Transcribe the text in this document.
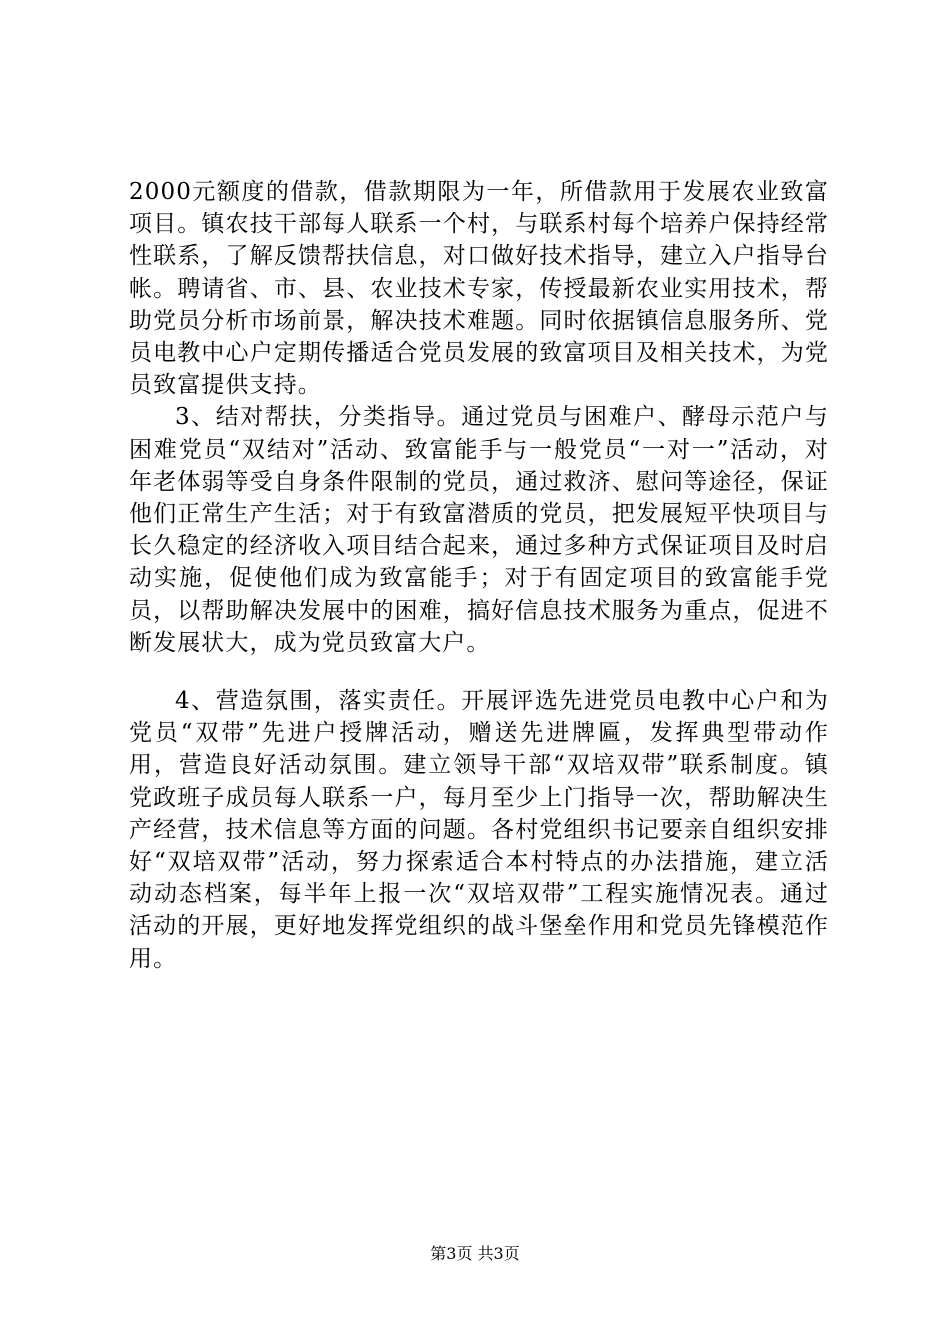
2000元额度的借款，借款期限为一年，所借款用于发展农业致富项目。镇农技干部每人联系一个村，与联系村每个培养户保持经常性联系，了解反馈帮扶信息，对口做好技术指导，建立入户指导台帐。聘请省、市、县、农业技术专家，传授最新农业实用技术，帮助党员分析市场前景，解决技术难题。同时依据镇信息服务所、党员电教中心户定期传播适合党员发展的致富项目及相关技术，为党员致富提供支持。

3、结对帮扶，分类指导。通过党员与困难户、酵母示范户与困难党员“双结对”活动、致富能手与一般党员“一对一”活动，对年老体弱等受自身条件限制的党员，通过救济、慰问等途径，保证他们正常生产生活；对于有致富潜质的党员，把发展短平快项目与长久稳定的经济收入项目结合起来，通过多种方式保证项目及时启动实施，促使他们成为致富能手；对于有固定项目的致富能手党员，以帮助解决发展中的困难，搞好信息技术服务为重点，促进不断发展状大，成为党员致富大户。

4、营造氛围，落实责任。开展评选先进党员电教中心户和为党员“双带”先进户授牌活动，赠送先进牌匾，发挥典型带动作用，营造良好活动氛围。建立领导干部“双培双带”联系制度。镇党政班子成员每人联系一户，每月至少上门指导一次，帮助解决生产经营，技术信息等方面的问题。各村党组织书记要亲自组织安排好“双培双带”活动，努力探索适合本村特点的办法措施，建立活动动态档案，每半年上报一次“双培双带”工程实施情况表。通过活动的开展，更好地发挥党组织的战斗堡垒作用和党员先锋模范作用。

第3页 共3页
